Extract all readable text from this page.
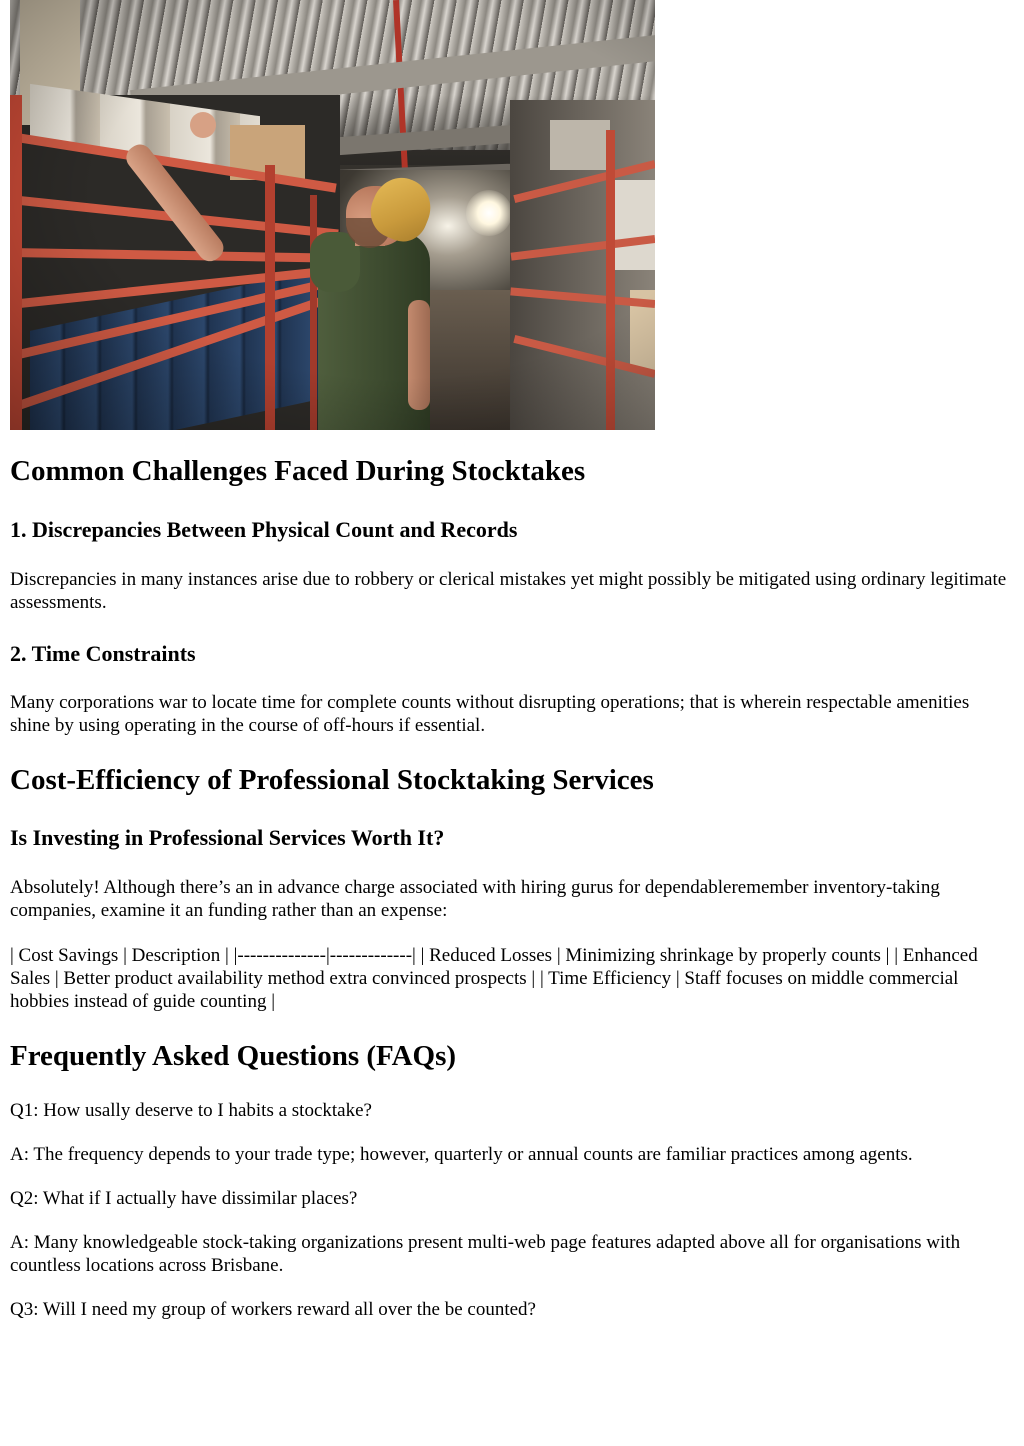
Common Challenges Faced During Stocktakes
1. Discrepancies Between Physical Count and Records

Discrepancies in many instances arise due to robbery or clerical mistakes yet might possibly be mitigated using ordinary legitimate assessments.

2. Time Constraints

Many corporations war to locate time for complete counts without disrupting operations; that is wherein respectable amenities shine by using operating in the course of off-hours if essential.

Cost-Efficiency of Professional Stocktaking Services
Is Investing in Professional Services Worth It?

Absolutely! Although there’s an in advance charge associated with hiring gurus for dependableremember inventory-taking companies, examine it an funding rather than an expense:

| Cost Savings | Description | |--------------|-------------| | Reduced Losses | Minimizing shrinkage by properly counts | | Enhanced Sales | Better product availability method extra convinced prospects | | Time Efficiency | Staff focuses on middle commercial hobbies instead of guide counting |

Frequently Asked Questions (FAQs)

Q1: How usally deserve to I habits a stocktake?

A: The frequency depends to your trade type; however, quarterly or annual counts are familiar practices among agents.

Q2: What if I actually have dissimilar places?

A: Many knowledgeable stock-taking organizations present multi-web page features adapted above all for organisations with countless locations across Brisbane.

Q3: Will I need my group of workers reward all over the be counted?
